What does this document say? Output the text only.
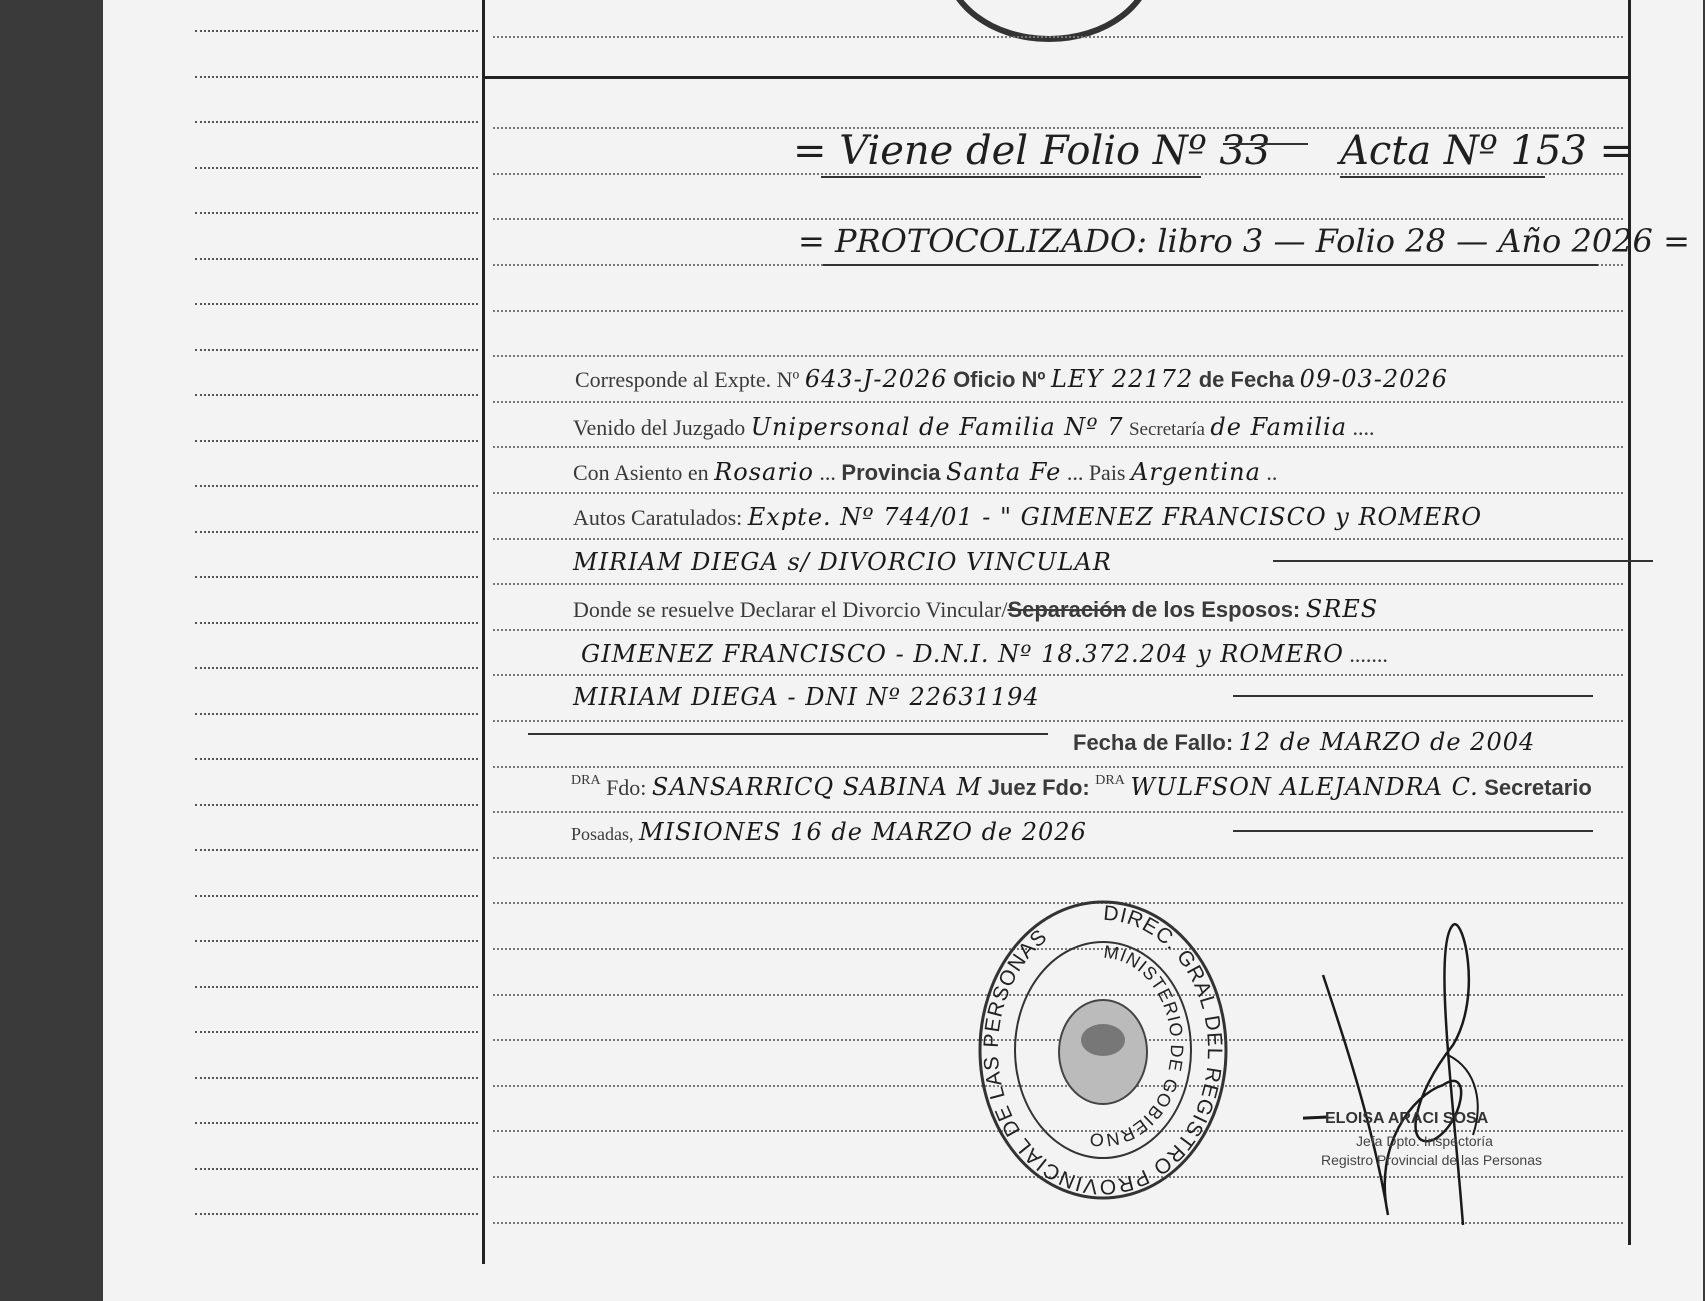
= Viene del Folio Nº 33 Acta Nº 153 =
= PROTOCOLIZADO: libro 3 — Folio 28 — Año 2026 =
Corresponde al Expte. Nº 643-J-2026 Oficio Nº LEY 22172 de Fecha 09-03-2026
Venido del Juzgado Unipersonal de Familia Nº 7 Secretaría de Familia ....
Con Asiento en Rosario ... Provincia Santa Fe ... Pais Argentina ..
Autos Caratulados: Expte. Nº 744/01 - " GIMENEZ FRANCISCO y ROMERO
MIRIAM DIEGA s/ DIVORCIO VINCULAR
Donde se resuelve Declarar el Divorcio Vincular/Separación de los Esposos: SRES
GIMENEZ FRANCISCO - D.N.I. Nº 18.372.204 y ROMERO .......
MIRIAM DIEGA - DNI Nº 22631194
Fecha de Fallo: 12 de MARZO de 2004
$^{DRA}$ Fdo: SANSARRICQ SABINA M Juez Fdo: $^{DRA}$ WULFSON ALEJANDRA C. Secretario
Posadas, MISIONES 16 de MARZO de 2026
DIREC. GRAL DEL REGISTRO PROVINCIAL DE LAS PERSONAS
MINISTERIO DE GOBIERNO
ELOISA ARACI SOSA
Jefa Dpto. Inspectoría
Registro Provincial de las Personas
